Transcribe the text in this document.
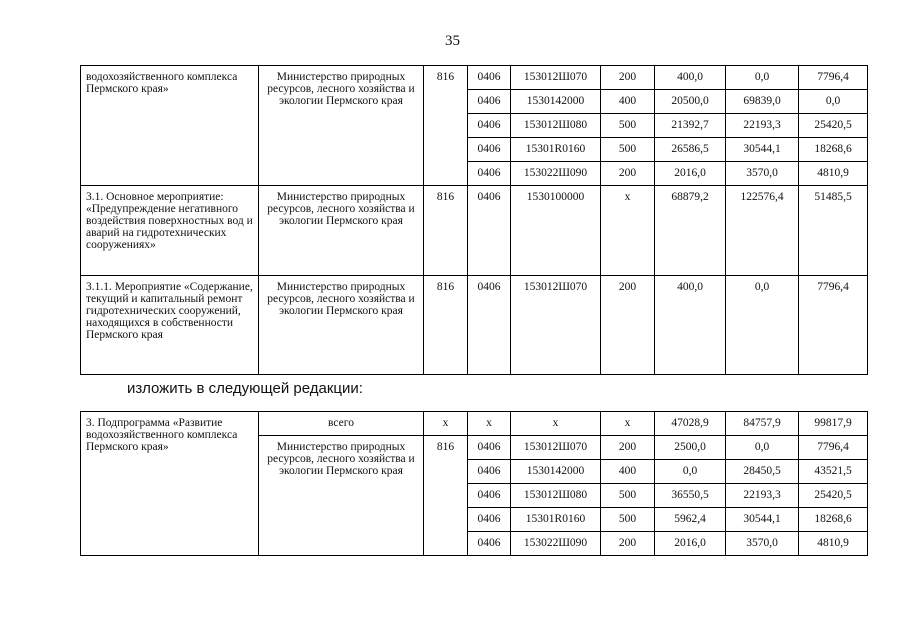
35
водохозяйственного комплекса Пермского края»	Министерство природных ресурсов, лесного хозяйства и экологии Пермского края	816	0406	153012Ш070	200	400,0	0,0	7796,4
			0406	1530142000	400	20500,0	69839,0	0,0
			0406	153012Ш080	500	21392,7	22193,3	25420,5
			0406	15301R0160	500	26586,5	30544,1	18268,6
			0406	153022Ш090	200	2016,0	3570,0	4810,9
3.1. Основное мероприятие: «Предупреждение негативного воздействия поверхностных вод и аварий на гидротехнических сооружениях»	Министерство природных ресурсов, лесного хозяйства и экологии Пермского края	816	0406	1530100000	x	68879,2	122576,4	51485,5
3.1.1. Мероприятие «Содержание, текущий и капитальный ремонт гидротехнических сооружений, находящихся в собственности Пермского края	Министерство природных ресурсов, лесного хозяйства и экологии Пермского края	816	0406	153012Ш070	200	400,0	0,0	7796,4
изложить в следующей редакции:
3. Подпрограмма «Развитие водохозяйственного комплекса Пермского края»	всего	x	x	x	x	47028,9	84757,9	99817,9
	Министерство природных ресурсов, лесного хозяйства и экологии Пермского края	816	0406	153012Ш070	200	2500,0	0,0	7796,4
			0406	1530142000	400	0,0	28450,5	43521,5
			0406	153012Ш080	500	36550,5	22193,3	25420,5
			0406	15301R0160	500	5962,4	30544,1	18268,6
			0406	153022Ш090	200	2016,0	3570,0	4810,9
